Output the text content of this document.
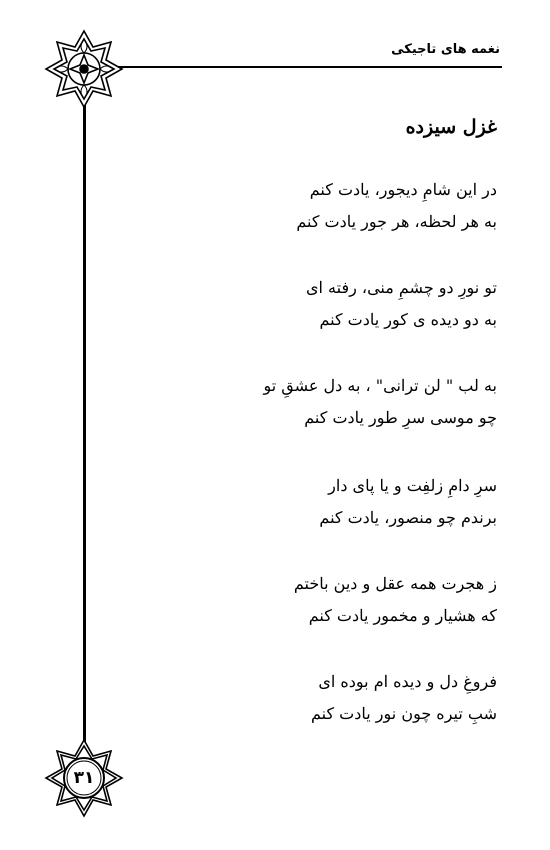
نغمه های تاجیکی
۳۱
غزل سیزده
در این شامِ دیجور، یادت کنم
به هر لحظه، هر جور یادت کنم
تو نورِ دو چشمِ منی، رفته ای
به دو دیده ی کور یادت کنم
به لب " لن ترانی" ، به دل عشقِ تو
چو موسی سرِ طور یادت کنم
سرِ دامِ زلفِت و یا پای دار
برندم چو منصور، یادت کنم
ز هجرت همه عقل و دین باختم
که هشیار و مخمور یادت کنم
فروغِ دل و دیده ام بوده ای
شبِ تیره چون نور یادت کنم
